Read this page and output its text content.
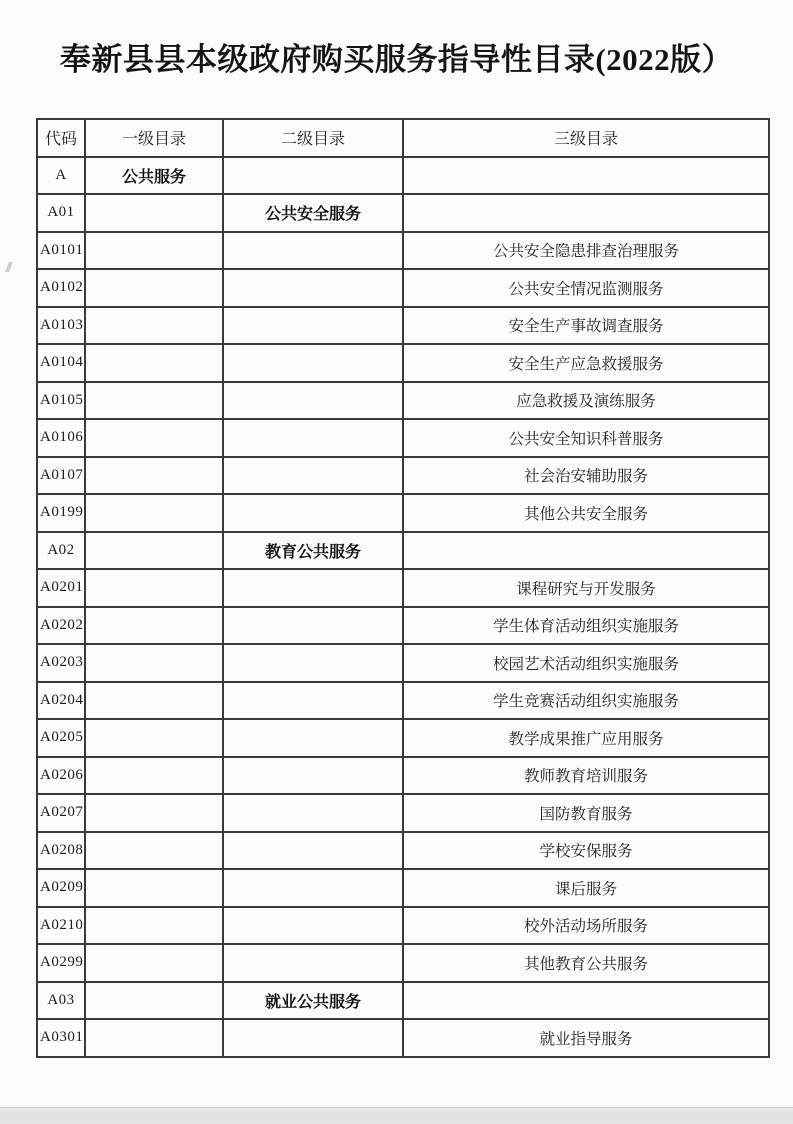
奉新县县本级政府购买服务指导性目录(2022版）
代码	一级目录	二级目录	三级目录
A	公共服务		
A01		公共安全服务	
A0101			公共安全隐患排查治理服务
A0102			公共安全情况监测服务
A0103			安全生产事故调查服务
A0104			安全生产应急救援服务
A0105			应急救援及演练服务
A0106			公共安全知识科普服务
A0107			社会治安辅助服务
A0199			其他公共安全服务
A02		教育公共服务	
A0201			课程研究与开发服务
A0202			学生体育活动组织实施服务
A0203			校园艺术活动组织实施服务
A0204			学生竞赛活动组织实施服务
A0205			教学成果推广应用服务
A0206			教师教育培训服务
A0207			国防教育服务
A0208			学校安保服务
A0209			课后服务
A0210			校外活动场所服务
A0299			其他教育公共服务
A03		就业公共服务	
A0301			就业指导服务
